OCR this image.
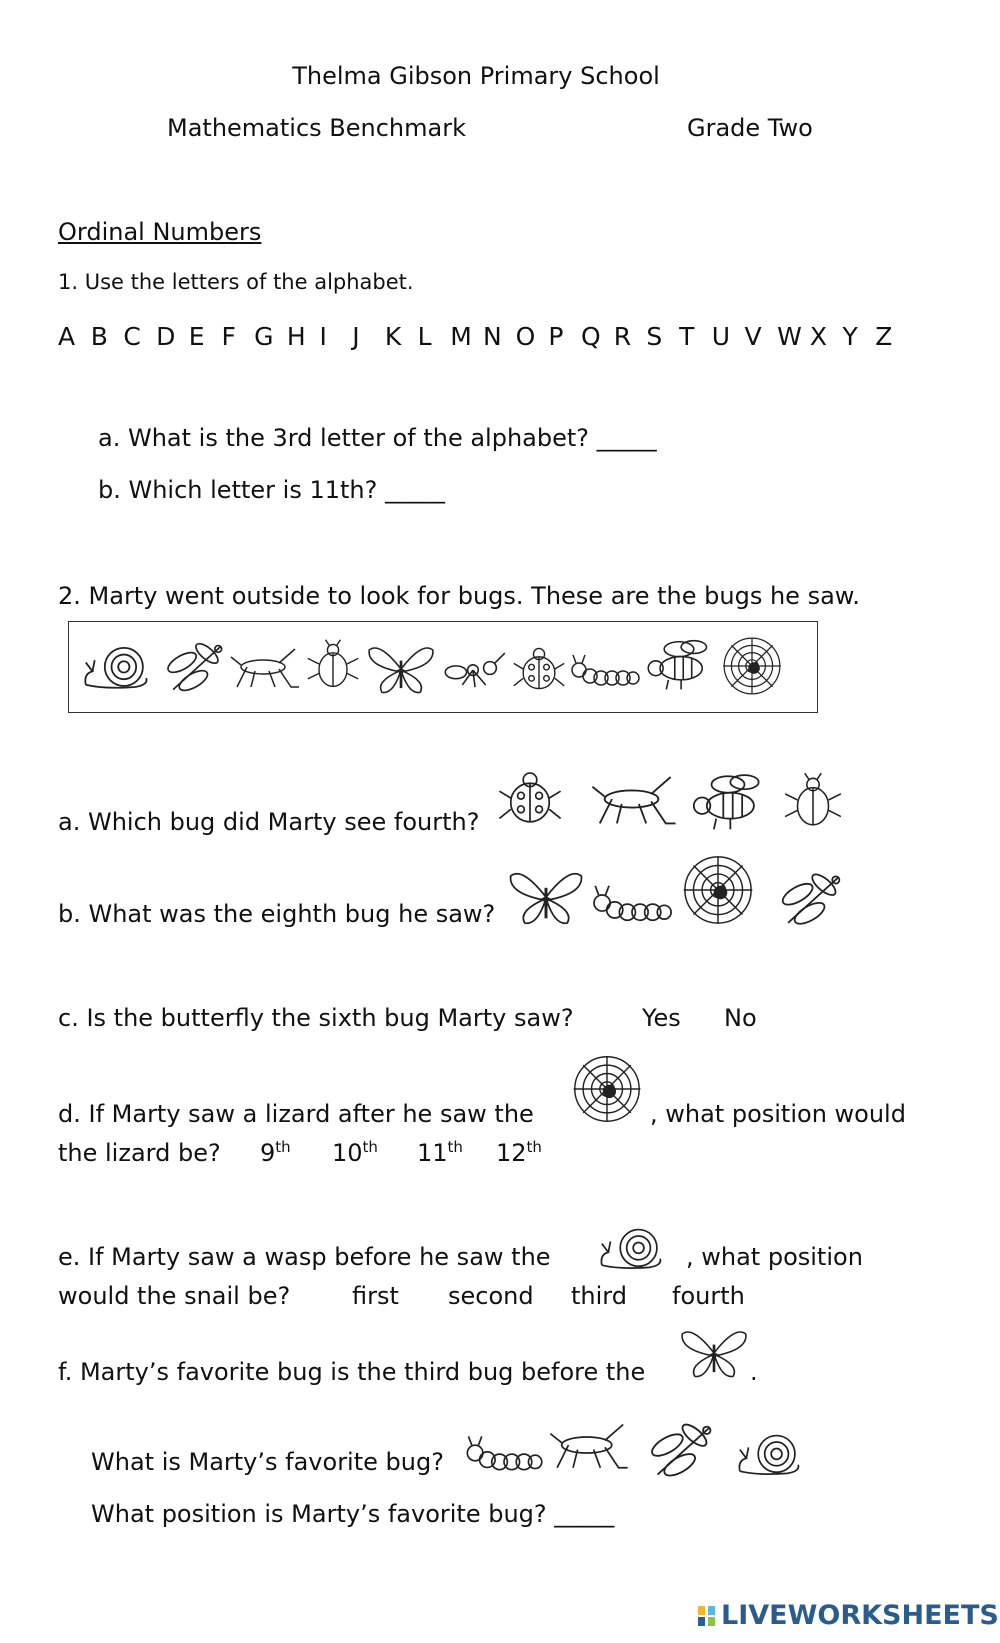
Thelma Gibson Primary School
Mathematics Benchmark	Grade Two
Ordinal Numbers
1. Use the letters of the alphabet.
A B C D E F G H I	J	K L M N O P Q R S T U V W X Y Z
a. What is the 3rd letter of the alphabet? _____
b. Which letter is 11th? _____
2. Marty went outside to look for bugs. These are the bugs he saw.
a. Which bug did Marty see fourth?
b. What was the eighth bug he saw?
c. Is the butterfly the sixth bug Marty saw?	Yes No
d. If Marty saw a lizard after he saw the	, what position would
the lizard be? 9th 10th 11th 12th
e. If Marty saw a wasp before he saw the	, what position
would the snail be?	first second third fourth
f. Marty’s favorite bug is the third bug before the	.
What is Marty’s favorite bug?
What position is Marty’s favorite bug? _____
LIVEWORKSHEETS
